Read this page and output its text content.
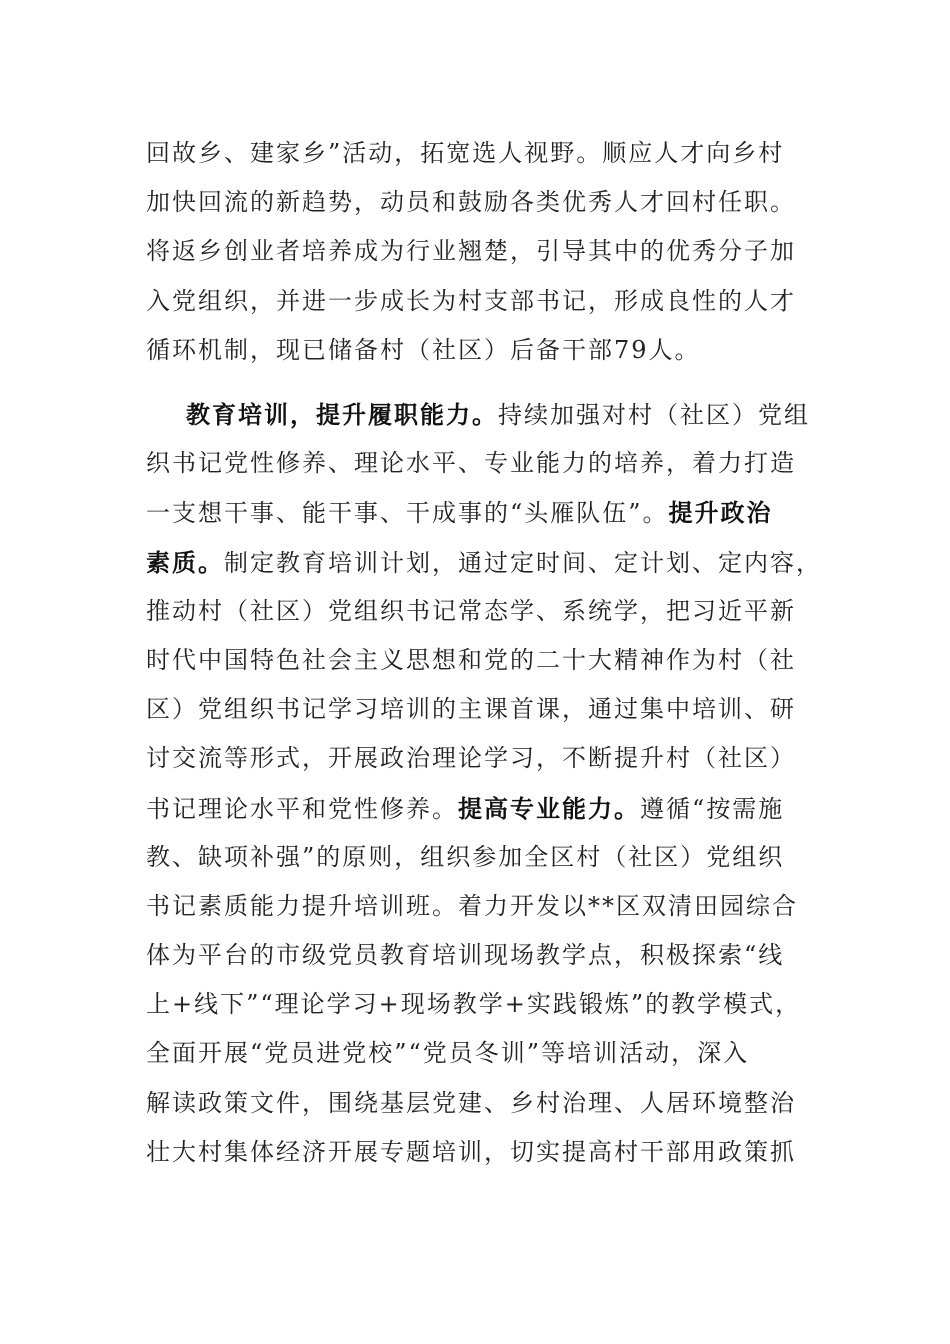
回故乡、建家乡”活动，拓宽选人视野。顺应人才向乡村
加快回流的新趋势，动员和鼓励各类优秀人才回村任职。
将返乡创业者培养成为行业翘楚，引导其中的优秀分子加
入党组织，并进一步成长为村支部书记，形成良性的人才
循环机制，现已储备村（社区）后备干部79人。
教育培训，提升履职能力。持续加强对村（社区）党组
织书记党性修养、理论水平、专业能力的培养，着力打造
一支想干事、能干事、干成事的“头雁队伍”。提升政治
素质。制定教育培训计划，通过定时间、定计划、定内容，
推动村（社区）党组织书记常态学、系统学，把习近平新
时代中国特色社会主义思想和党的二十大精神作为村（社
区）党组织书记学习培训的主课首课，通过集中培训、研
讨交流等形式，开展政治理论学习，不断提升村（社区）
书记理论水平和党性修养。提高专业能力。遵循“按需施
教、缺项补强”的原则，组织参加全区村（社区）党组织
书记素质能力提升培训班。着力开发以**区双清田园综合
体为平台的市级党员教育培训现场教学点，积极探索“线
上+线下”“理论学习+现场教学+实践锻炼”的教学模式，
全面开展“党员进党校”“党员冬训”等培训活动，深入
解读政策文件，围绕基层党建、乡村治理、人居环境整治
壮大村集体经济开展专题培训，切实提高村干部用政策抓
